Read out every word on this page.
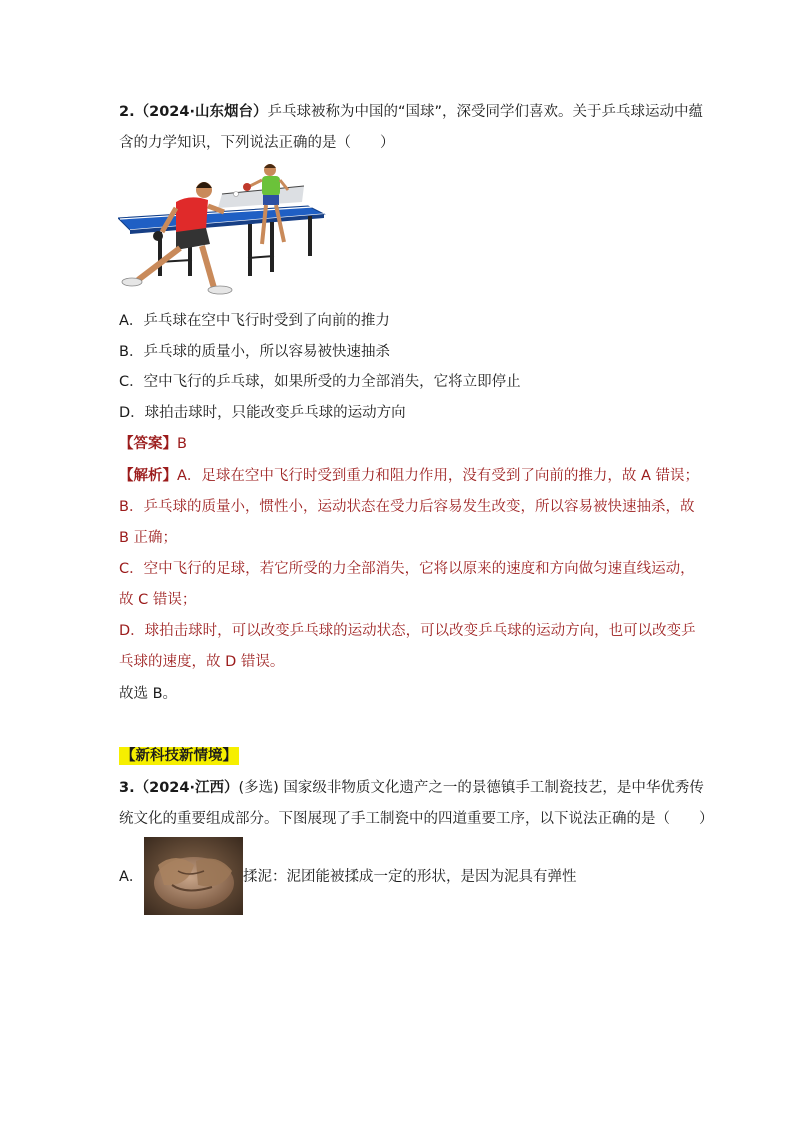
2.（2024·山东烟台）乒乓球被称为中国的“国球”，深受同学们喜欢。关于乒乓球运动中蕴
含的力学知识，下列说法正确的是（　　）
A．乒乓球在空中飞行时受到了向前的推力
B．乒乓球的质量小，所以容易被快速抽杀
C．空中飞行的乒乓球，如果所受的力全部消失，它将立即停止
D．球拍击球时，只能改变乒乓球的运动方向
【答案】B
【解析】A．足球在空中飞行时受到重力和阻力作用，没有受到了向前的推力，故 A 错误；
B．乒乓球的质量小，惯性小，运动状态在受力后容易发生改变，所以容易被快速抽杀，故
B 正确；
C．空中飞行的足球，若它所受的力全部消失，它将以原来的速度和方向做匀速直线运动，
故 C 错误；
D．球拍击球时，可以改变乒乓球的运动状态，可以改变乒乓球的运动方向，也可以改变乒
乓球的速度，故 D 错误。
故选 B。
【新科技新情境】
3.（2024·江西）(多选) 国家级非物质文化遗产之一的景德镇手工制瓷技艺，是中华优秀传
统文化的重要组成部分。下图展现了手工制瓷中的四道重要工序，以下说法正确的是（　　）
A．	揉泥：泥团能被揉成一定的形状，是因为泥具有弹性
